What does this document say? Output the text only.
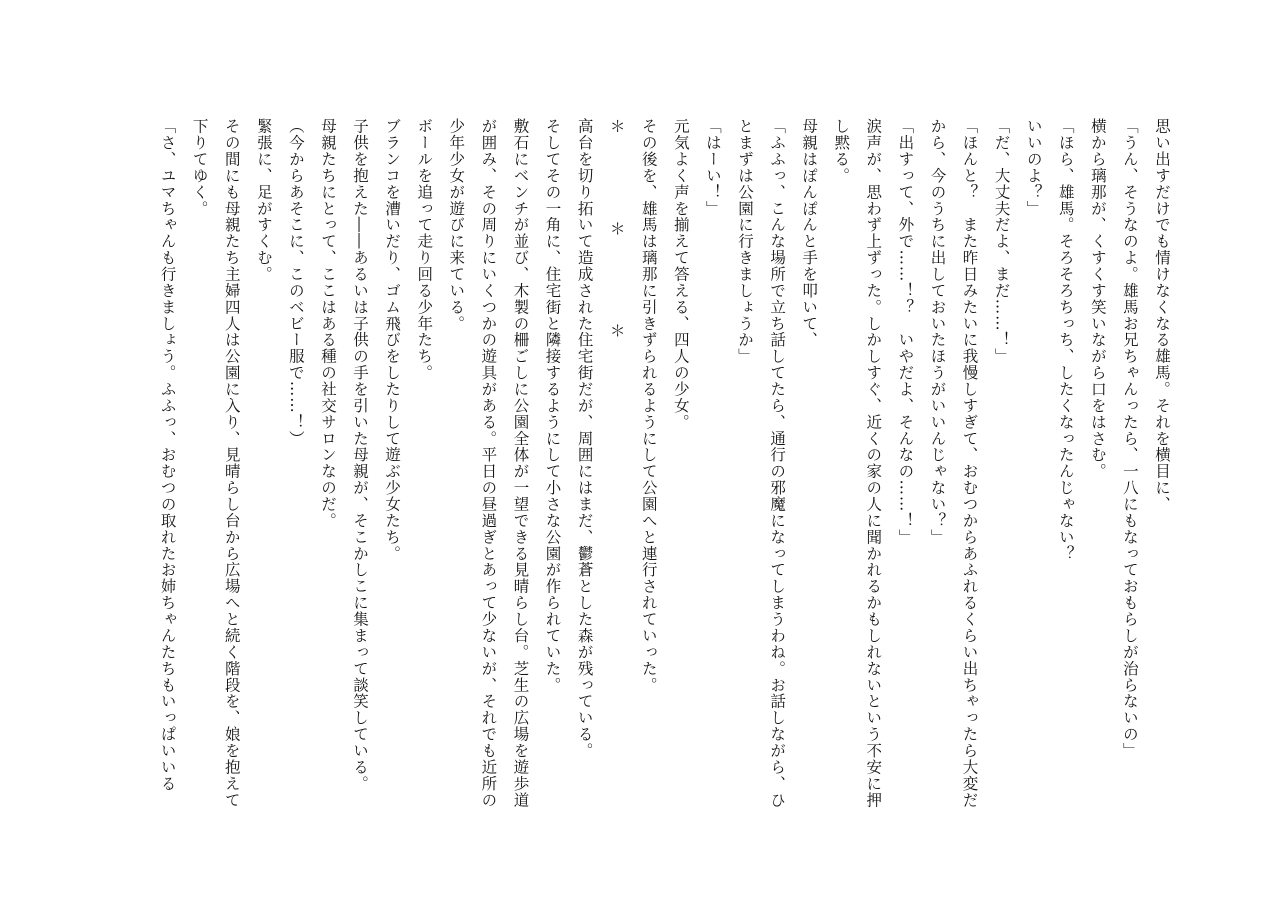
思い出すだけでも情けなくなる雄馬。それを横目に、

「うん、そうなのよ。雄馬お兄ちゃんったら、一八にもなっておもらしが治らないの」

横から璃那が、くすくす笑いながら口をはさむ。

「ほら、雄馬。そろそろちっち、したくなったんじゃない？

いいのよ？」

「だ、大丈夫だよ、まだ……！」

「ほんと？　また昨日みたいに我慢しすぎて、おむつからあふれるくらい出ちゃったら大変だから、今のうちに出しておいたほうがいいんじゃない？」

「出すって、外で……！？　いやだよ、そんなの……！」

涙声が、思わず上ずった。しかしすぐ、近くの家の人に聞かれるかもしれないという不安に押し黙る。

母親はぽんぽんと手を叩いて、

「ふふっ、こんな場所で立ち話してたら、通行の邪魔になってしまうわね。お話しながら、ひとまずは公園に行きましょうか」

「はーい！」

元気よく声を揃えて答える、四人の少女。

その後を、雄馬は璃那に引きずられるようにして公園へと連行されていった。

＊　　＊　　＊

高台を切り拓いて造成された住宅街だが、周囲にはまだ、鬱蒼とした森が残っている。

そしてその一角に、住宅街と隣接するようにして小さな公園が作られていた。

敷石にベンチが並び、木製の柵ごしに公園全体が一望できる見晴らし台。芝生の広場を遊歩道が囲み、その周りにいくつかの遊具がある。平日の昼過ぎとあって少ないが、それでも近所の少年少女が遊びに来ている。

ボールを追って走り回る少年たち。

ブランコを漕いだり、ゴム飛びをしたりして遊ぶ少女たち。

子供を抱えた――あるいは子供の手を引いた母親が、そこかしこに集まって談笑している。

母親たちにとって、ここはある種の社交サロンなのだ。

（今からあそこに、このベビー服で……！）

緊張に、足がすくむ。

その間にも母親たち主婦四人は公園に入り、見晴らし台から広場へと続く階段を、娘を抱えて下りてゆく。

「さ、ユマちゃんも行きましょう。ふふっ、おむつの取れたお姉ちゃんたちもいっぱいいる
